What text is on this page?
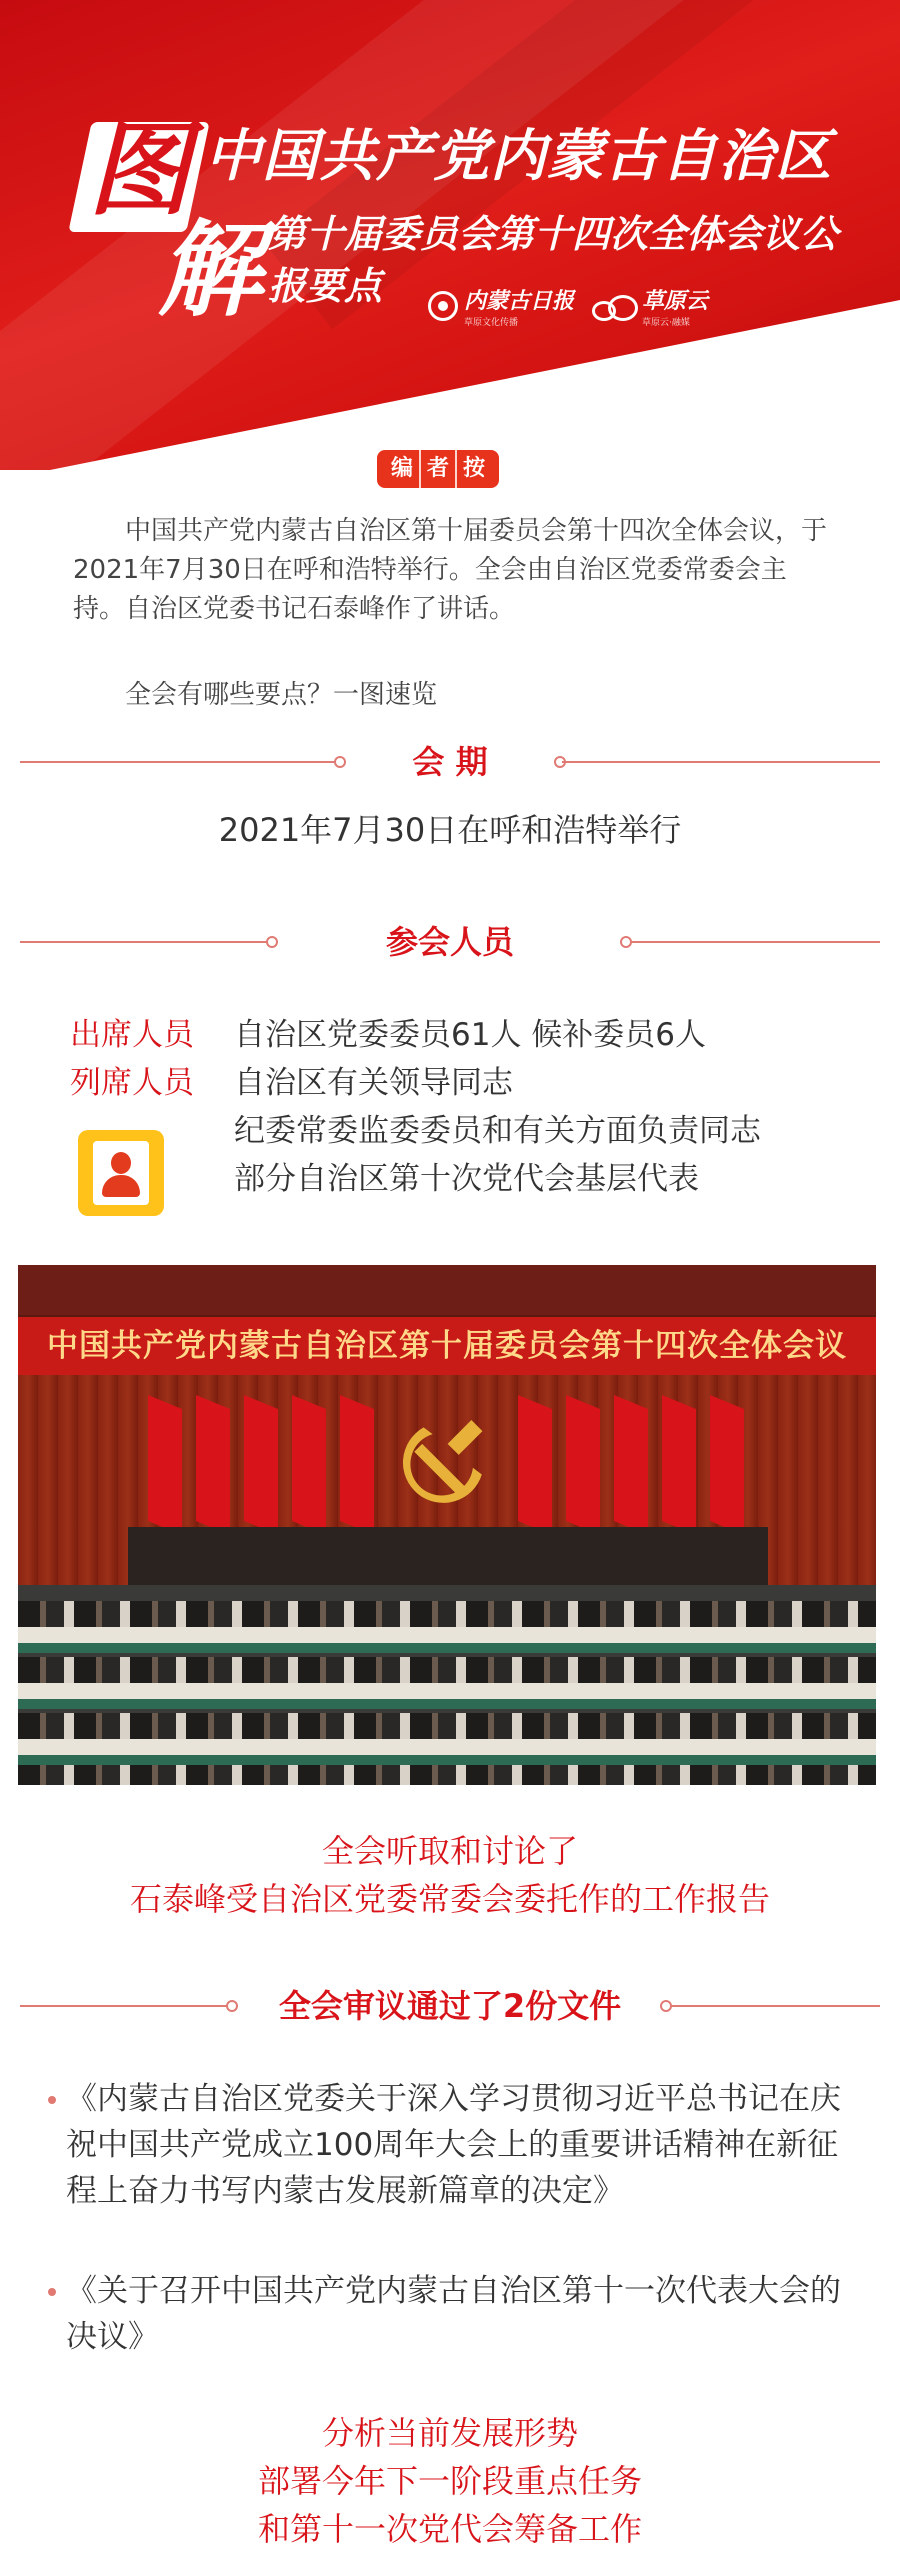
图
解
中国共产党内蒙古自治区
第十届委员会第十四次全体会议公报要点	内蒙古日报
草原文化传播
草原云
草原云·融媒
编 者 按

中国共产党内蒙古自治区第十届委员会第十四次全体会议，于2021年7月30日在呼和浩特举行。全会由自治区党委常委会主持。自治区党委书记石泰峰作了讲话。

全会有哪些要点？一图速览

会 期
2021年7月30日在呼和浩特举行
参会人员
出席人员	自治区党委委员61人 候补委员6人
列席人员	自治区有关领导同志
纪委常委监委委员和有关方面负责同志
部分自治区第十次党代会基层代表
中国共产党内蒙古自治区第十届委员会第十四次全体会议
全会听取和讨论了
石泰峰受自治区党委常委会委托作的工作报告
全会审议通过了2份文件
《内蒙古自治区党委关于深入学习贯彻习近平总书记在庆祝中国共产党成立100周年大会上的重要讲话精神在新征程上奋力书写内蒙古发展新篇章的决定》
《关于召开中国共产党内蒙古自治区第十一次代表大会的决议》
分析当前发展形势
部署今年下一阶段重点任务
和第十一次党代会筹备工作
